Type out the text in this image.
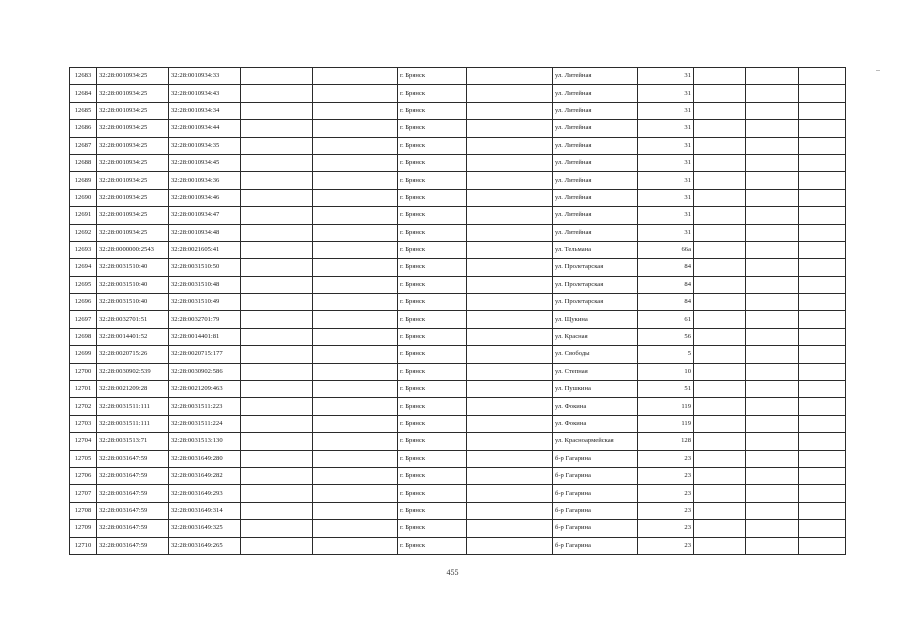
12683	32:28:0010934:25	32:28:0010934:33			г. Брянск		ул. Литейная	31			
12684	32:28:0010934:25	32:28:0010934:43			г. Брянск		ул. Литейная	31			
12685	32:28:0010934:25	32:28:0010934:34			г. Брянск		ул. Литейная	31			
12686	32:28:0010934:25	32:28:0010934:44			г. Брянск		ул. Литейная	31			
12687	32:28:0010934:25	32:28:0010934:35			г. Брянск		ул. Литейная	31			
12688	32:28:0010934:25	32:28:0010934:45			г. Брянск		ул. Литейная	31			
12689	32:28:0010934:25	32:28:0010934:36			г. Брянск		ул. Литейная	31			
12690	32:28:0010934:25	32:28:0010934:46			г. Брянск		ул. Литейная	31			
12691	32:28:0010934:25	32:28:0010934:47			г. Брянск		ул. Литейная	31			
12692	32:28:0010934:25	32:28:0010934:48			г. Брянск		ул. Литейная	31			
12693	32:28:0000000:2543	32:28:0021605:41			г. Брянск		ул. Тельмана	66а			
12694	32:28:0031510:40	32:28:0031510:50			г. Брянск		ул. Пролетарская	84			
12695	32:28:0031510:40	32:28:0031510:48			г. Брянск		ул. Пролетарская	84			
12696	32:28:0031510:40	32:28:0031510:49			г. Брянск		ул. Пролетарская	84			
12697	32:28:0032701:51	32:28:0032701:79			г. Брянск		ул. Щукина	61			
12698	32:28:0014401:52	32:28:0014401:81			г. Брянск		ул. Красная	56			
12699	32:28:0020715:26	32:28:0020715:177			г. Брянск		ул. Свободы	5			
12700	32:28:0030902:539	32:28:0030902:586			г. Брянск		ул. Степная	10			
12701	32:28:0021209:28	32:28:0021209:463			г. Брянск		ул. Пушкина	51			
12702	32:28:0031511:111	32:28:0031511:223			г. Брянск		ул. Фокина	119			
12703	32:28:0031511:111	32:28:0031511:224			г. Брянск		ул. Фокина	119			
12704	32:28:0031513:71	32:28:0031513:130			г. Брянск		ул. Красноармейская	128			
12705	32:28:0031647:59	32:28:0031649:280			г. Брянск		б-р Гагарина	23			
12706	32:28:0031647:59	32:28:0031649:282			г. Брянск		б-р Гагарина	23			
12707	32:28:0031647:59	32:28:0031649:293			г. Брянск		б-р Гагарина	23			
12708	32:28:0031647:59	32:28:0031649:314			г. Брянск		б-р Гагарина	23			
12709	32:28:0031647:59	32:28:0031649:325			г. Брянск		б-р Гагарина	23			
12710	32:28:0031647:59	32:28:0031649:265			г. Брянск		б-р Гагарина	23			
455
